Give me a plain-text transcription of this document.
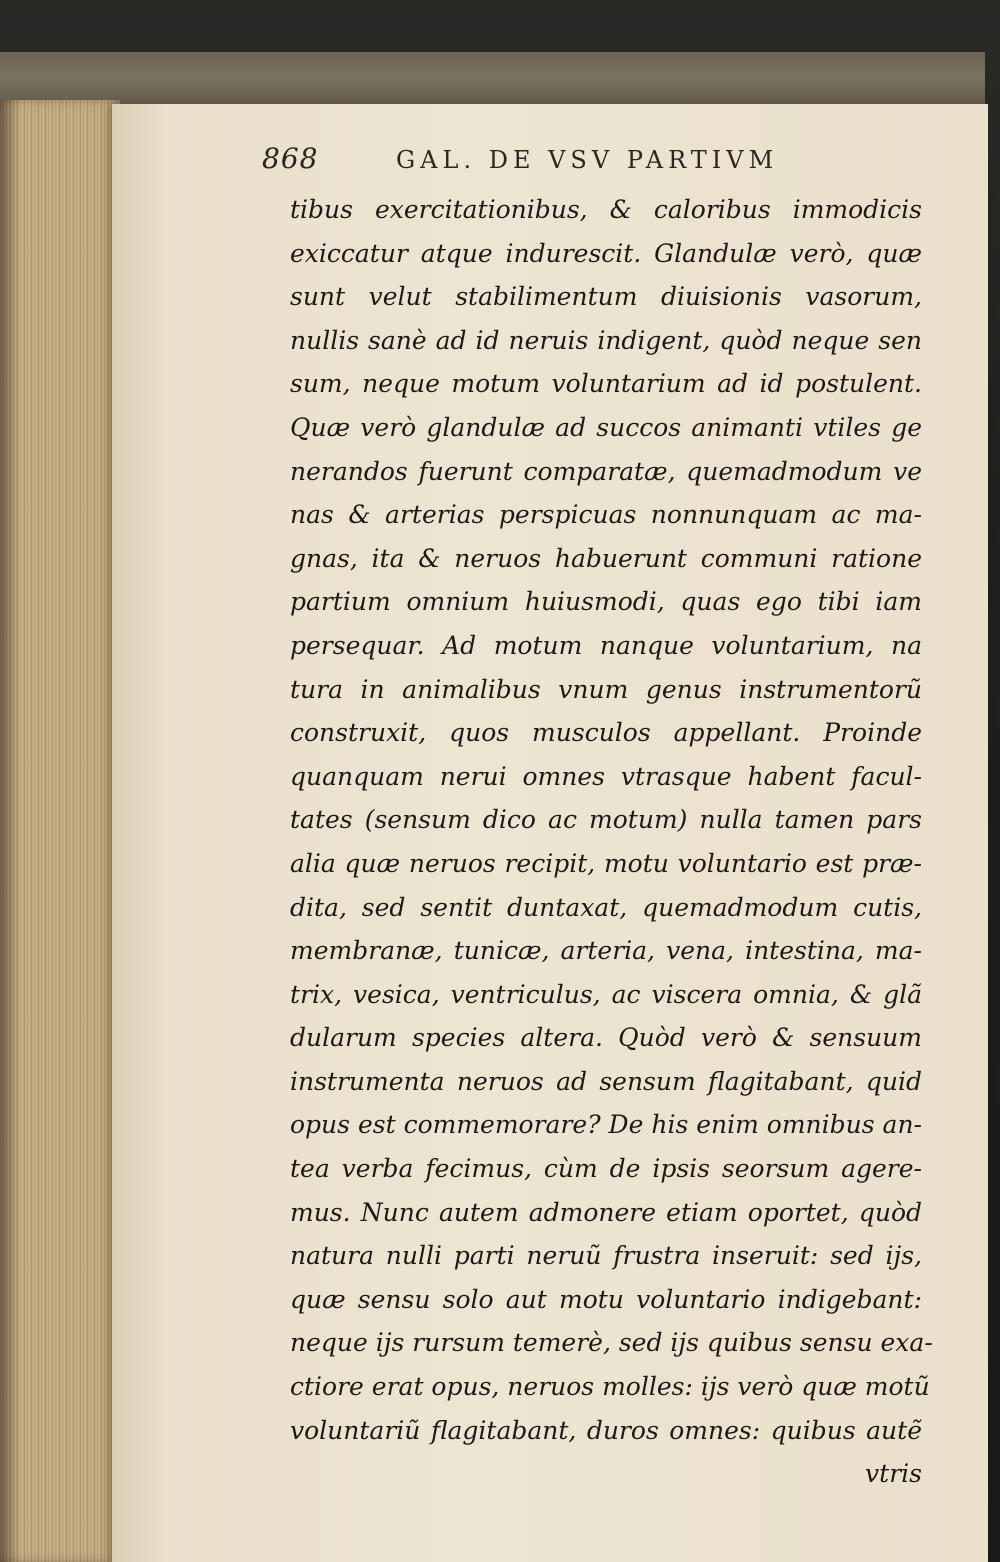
868	GAL. DE VSV PARTIVM
tibus exercitationibus, & caloribus immodicis
exiccatur atque indurescit. Glandulæ verò, quæ
sunt velut stabilimentum diuisionis vasorum,
nullis sanè ad id neruis indigent, quòd neque sen
sum, neque motum voluntarium ad id postulent.
Quæ verò glandulæ ad succos animanti vtiles ge
nerandos fuerunt comparatæ, quemadmodum ve
nas & arterias perspicuas nonnunquam ac ma-
gnas, ita & neruos habuerunt communi ratione
partium omnium huiusmodi, quas ego tibi iam
persequar. Ad motum nanque voluntarium, na
tura in animalibus vnum genus instrumentorũ
construxit, quos musculos appellant. Proinde
quanquam nerui omnes vtrasque habent facul-
tates (sensum dico ac motum) nulla tamen pars
alia quæ neruos recipit, motu voluntario est præ-
dita, sed sentit duntaxat, quemadmodum cutis,
membranæ, tunicæ, arteria, vena, intestina, ma-
trix, vesica, ventriculus, ac viscera omnia, & glã
dularum species altera. Quòd verò & sensuum
instrumenta neruos ad sensum flagitabant, quid
opus est commemorare? De his enim omnibus an-
tea verba fecimus, cùm de ipsis seorsum agere-
mus. Nunc autem admonere etiam oportet, quòd
natura nulli parti neruũ frustra inseruit: sed ijs,
quæ sensu solo aut motu voluntario indigebant:
neque ijs rursum temerè, sed ijs quibus sensu exa-
ctiore erat opus, neruos molles: ijs verò quæ motũ
voluntariũ flagitabant, duros omnes: quibus autẽ
vtris
